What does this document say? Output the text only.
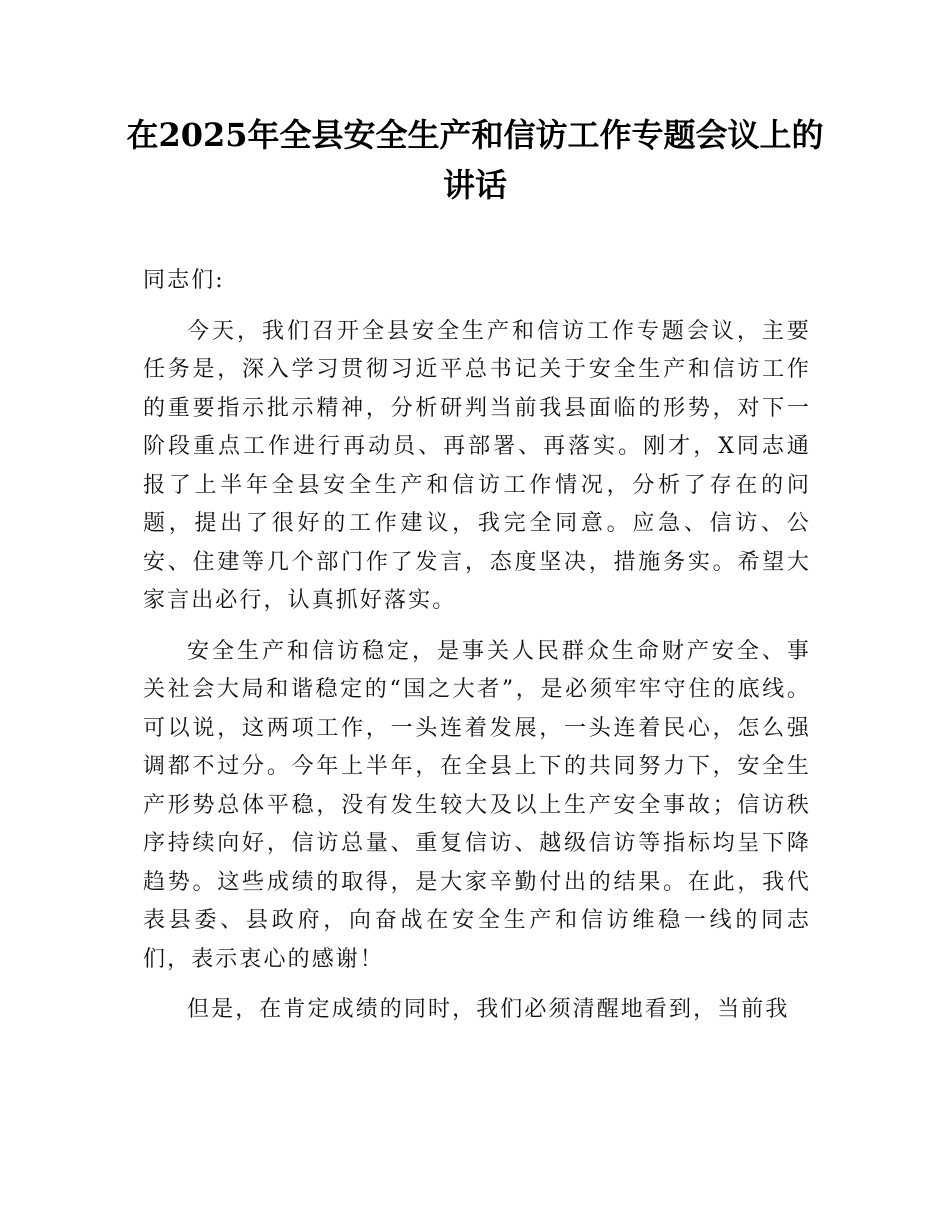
在2025年全县安全生产和信访工作专题会议上的讲话

同志们:

今天，我们召开全县安全生产和信访工作专题会议，主要任务是，深入学习贯彻习近平总书记关于安全生产和信访工作的重要指示批示精神，分析研判当前我县面临的形势，对下一阶段重点工作进行再动员、再部署、再落实。刚才，X同志通报了上半年全县安全生产和信访工作情况，分析了存在的问题，提出了很好的工作建议，我完全同意。应急、信访、公安、住建等几个部门作了发言，态度坚决，措施务实。希望大家言出必行，认真抓好落实。

安全生产和信访稳定，是事关人民群众生命财产安全、事关社会大局和谐稳定的“国之大者”，是必须牢牢守住的底线。可以说，这两项工作，一头连着发展，一头连着民心，怎么强调都不过分。今年上半年，在全县上下的共同努力下，安全生产形势总体平稳，没有发生较大及以上生产安全事故；信访秩序持续向好，信访总量、重复信访、越级信访等指标均呈下降趋势。这些成绩的取得，是大家辛勤付出的结果。在此，我代表县委、县政府，向奋战在安全生产和信访维稳一线的同志们，表示衷心的感谢！

但是，在肯定成绩的同时，我们必须清醒地看到，当前我
